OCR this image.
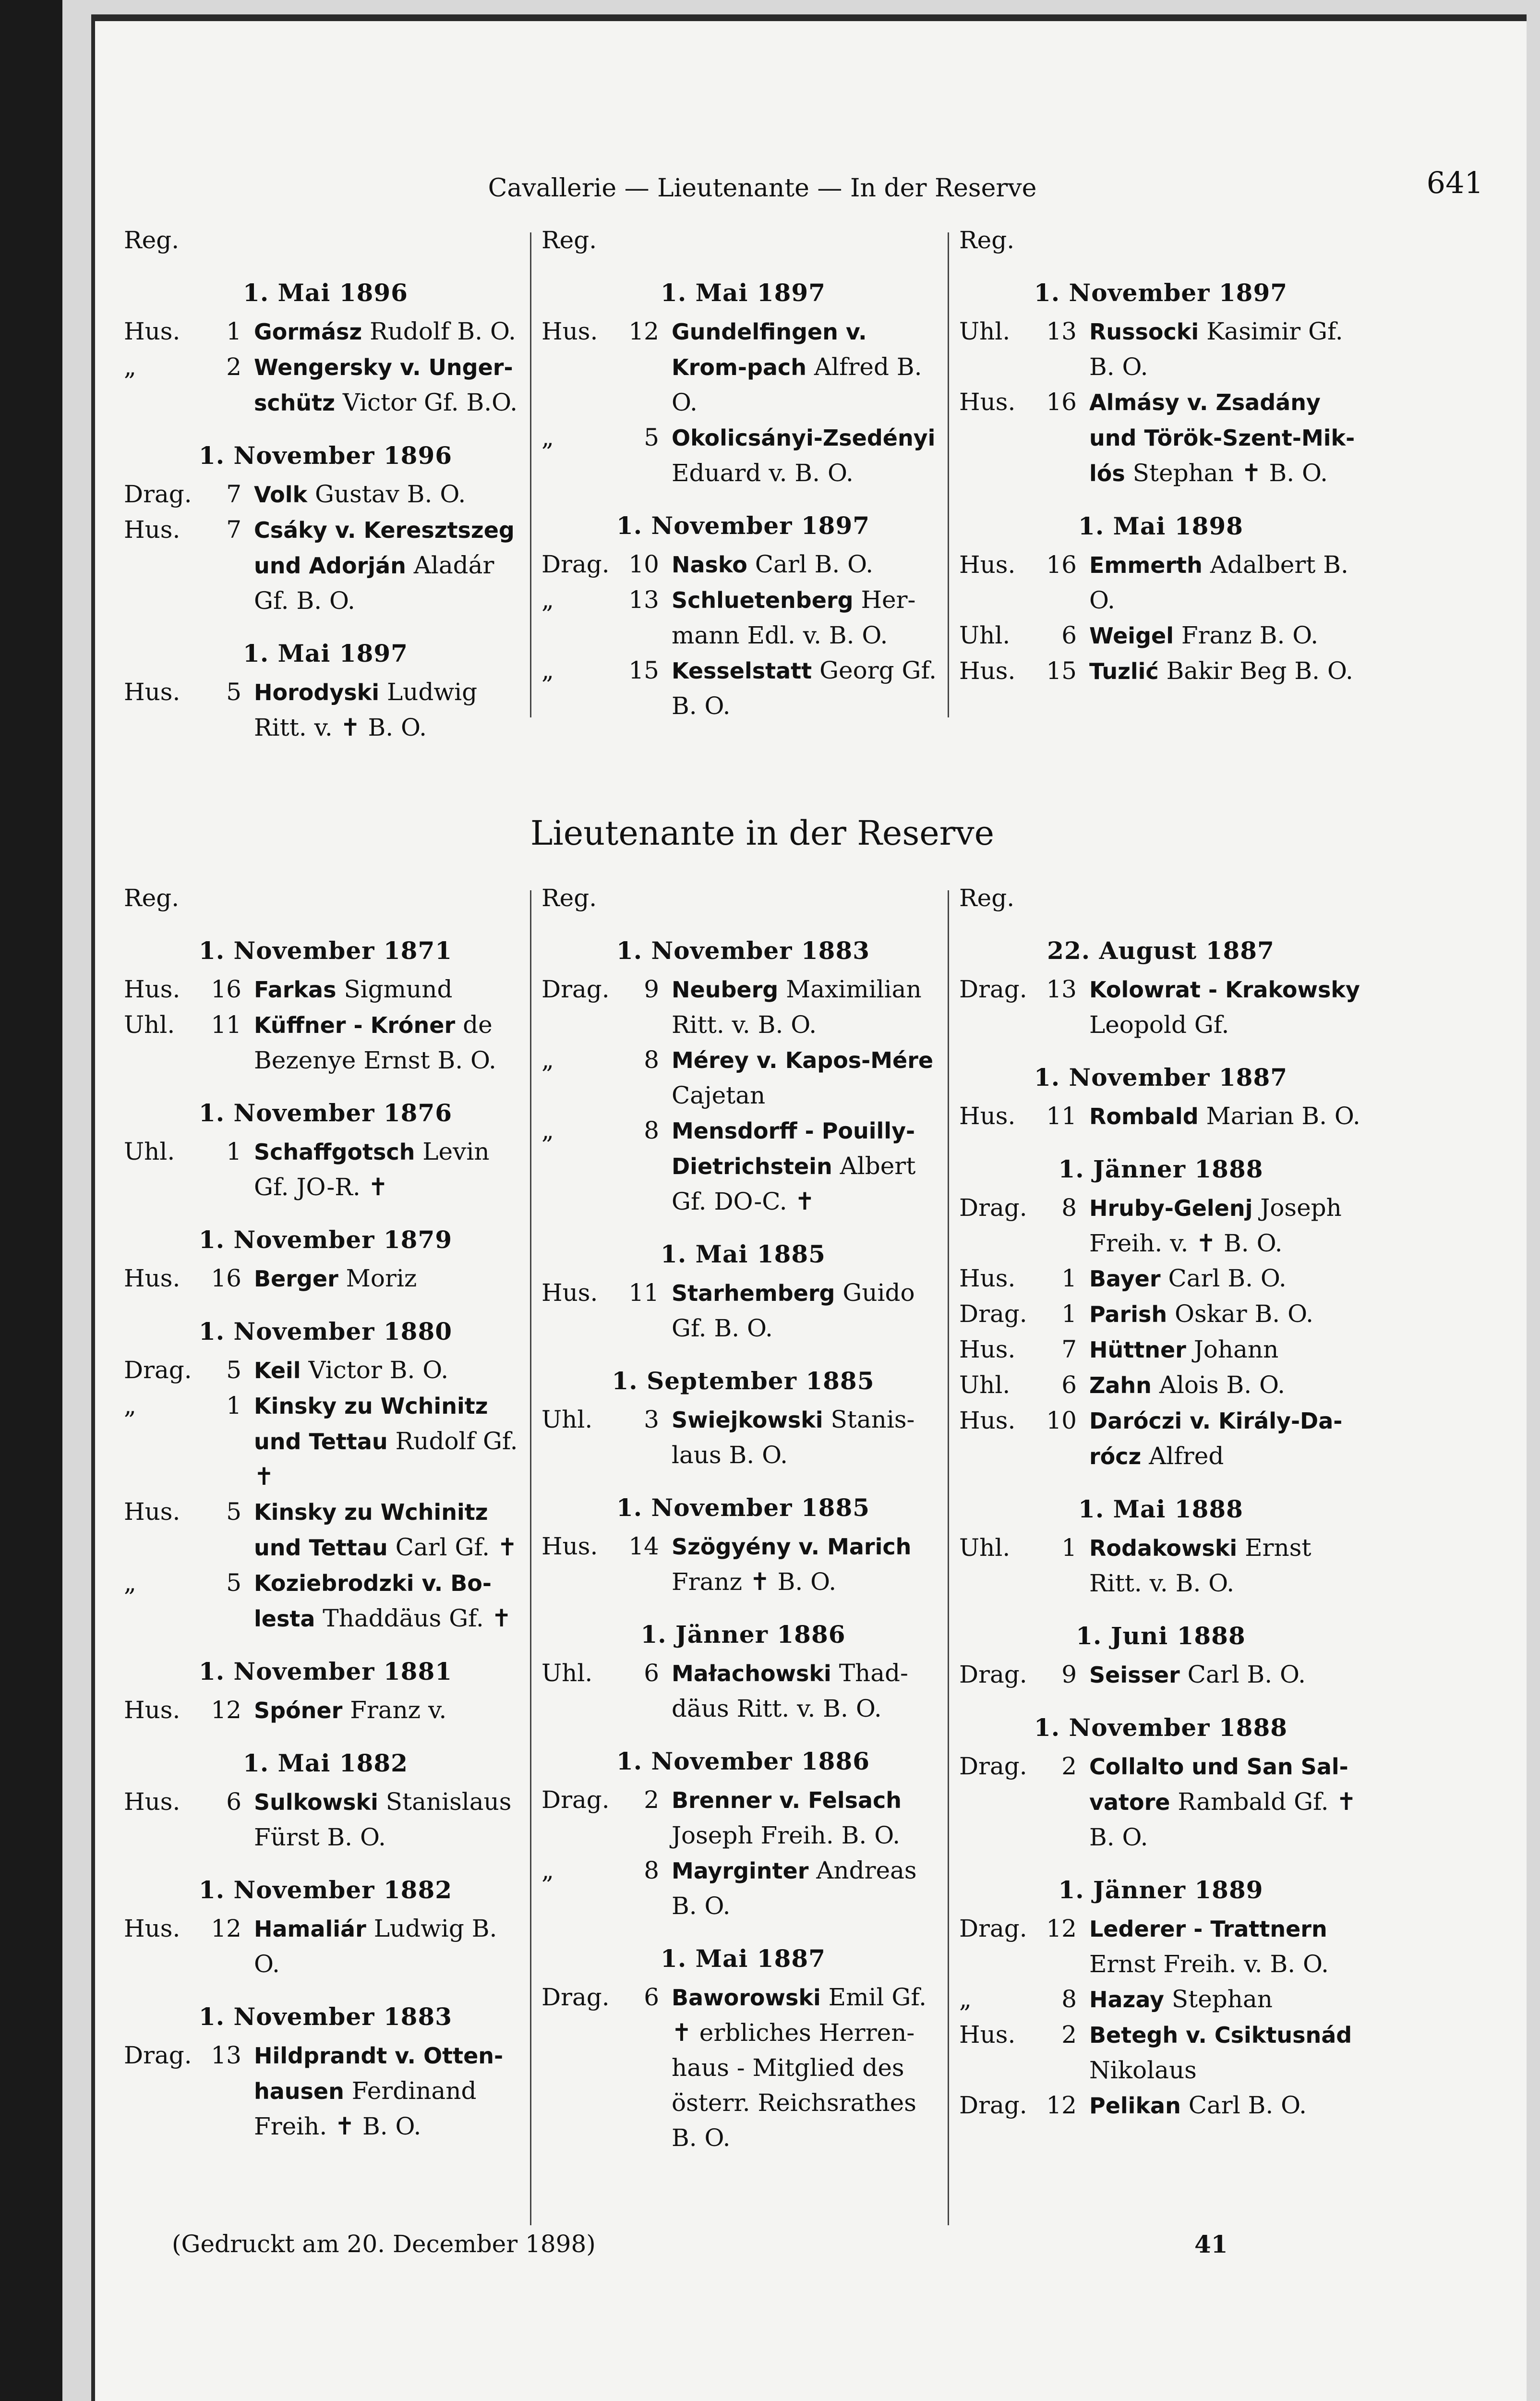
Cavallerie — Lieutenante — In der Reserve	641
Reg.
1. Mai 1896
Hus.	1 Gormász Rudolf B. O.
„	2 Wengersky v. Unger-schütz Victor Gf. B.O.
1. November 1896
Drag.	7 Volk Gustav B. O.
Hus.	7 Csáky v. Keresztszeg und Adorján Aladár Gf. B. O.
1. Mai 1897
Hus.	5 Horodyski Ludwig Ritt. v. ✝ B. O.
Reg.
1. Mai 1897
Hus.	12 Gundelfingen v. Krom-pach Alfred B. O.
„	5 Okolicsányi-Zsedényi Eduard v. B. O.
1. November 1897
Drag. 10 Nasko Carl B. O.
„	13 Schluetenberg Her-mann Edl. v. B. O.
„	15 Kesselstatt Georg Gf. B. O.
Reg.
1. November 1897
Uhl.	13 Russocki Kasimir Gf. B. O.
Hus.	16 Almásy v. Zsadány und Török-Szent-Mik-lós Stephan ✝ B. O.
1. Mai 1898
Hus.	16 Emmerth Adalbert B. O.
Uhl.	6 Weigel Franz B. O.
Hus.	15 Tuzlić Bakir Beg B. O.
Lieutenante in der Reserve
Reg.
1. November 1871
Hus.	16 Farkas Sigmund
Uhl.	11 Küffner - Króner de Bezenye Ernst B. O.
1. November 1876
Uhl.	1 Schaffgotsch Levin Gf. JO-R. ✝
1. November 1879
Hus.	16 Berger Moriz
1. November 1880
Drag.	5 Keil Victor B. O.
„	1 Kinsky zu Wchinitz und Tettau Rudolf Gf. ✝
Hus.	5 Kinsky zu Wchinitz und Tettau Carl Gf. ✝
„	5 Koziebrodzki v. Bo-lesta Thaddäus Gf. ✝
1. November 1881
Hus.	12 Spóner Franz v.
1. Mai 1882
Hus.	6 Sulkowski Stanislaus Fürst B. O.
1. November 1882
Hus.	12 Hamaliár Ludwig B. O.
1. November 1883
Drag. 13 Hildprandt v. Otten-hausen Ferdinand Freih. ✝ B. O.
Reg.
1. November 1883
Drag.	9 Neuberg Maximilian Ritt. v. B. O.
„	8 Mérey v. Kapos-Mére Cajetan
„	8 Mensdorff - Pouilly-Dietrichstein Albert Gf. DO-C. ✝
1. Mai 1885
Hus.	11 Starhemberg Guido Gf. B. O.
1. September 1885
Uhl.	3 Swiejkowski Stanis-laus B. O.
1. November 1885
Hus.	14 Szögyény v. Marich Franz ✝ B. O.
1. Jänner 1886
Uhl.	6 Małachowski Thad-däus Ritt. v. B. O.
1. November 1886
Drag.	2 Brenner v. Felsach Joseph Freih. B. O.
„	8 Mayrginter Andreas B. O.
1. Mai 1887
Drag.	6 Baworowski Emil Gf. ✝ erbliches Herren-haus - Mitglied des österr. Reichsrathes B. O.
Reg.
22. August 1887
Drag. 13 Kolowrat - Krakowsky Leopold Gf.
1. November 1887
Hus.	11 Rombald Marian B. O.
1. Jänner 1888
Drag.	8 Hruby-Gelenj Joseph Freih. v. ✝ B. O.
Hus.	1 Bayer Carl B. O.
Drag.	1 Parish Oskar B. O.
Hus.	7 Hüttner Johann
Uhl.	6 Zahn Alois B. O.
Hus.	10 Daróczi v. Király-Da-rócz Alfred
1. Mai 1888
Uhl.	1 Rodakowski Ernst Ritt. v. B. O.
1. Juni 1888
Drag.	9 Seisser Carl B. O.
1. November 1888
Drag.	2 Collalto und San Sal-vatore Rambald Gf. ✝ B. O.
1. Jänner 1889
Drag. 12 Lederer - Trattnern Ernst Freih. v. B. O.
„	8 Hazay Stephan
Hus.	2 Betegh v. Csiktusnád Nikolaus
Drag. 12 Pelikan Carl B. O.
(Gedruckt am 20. December 1898)	41
